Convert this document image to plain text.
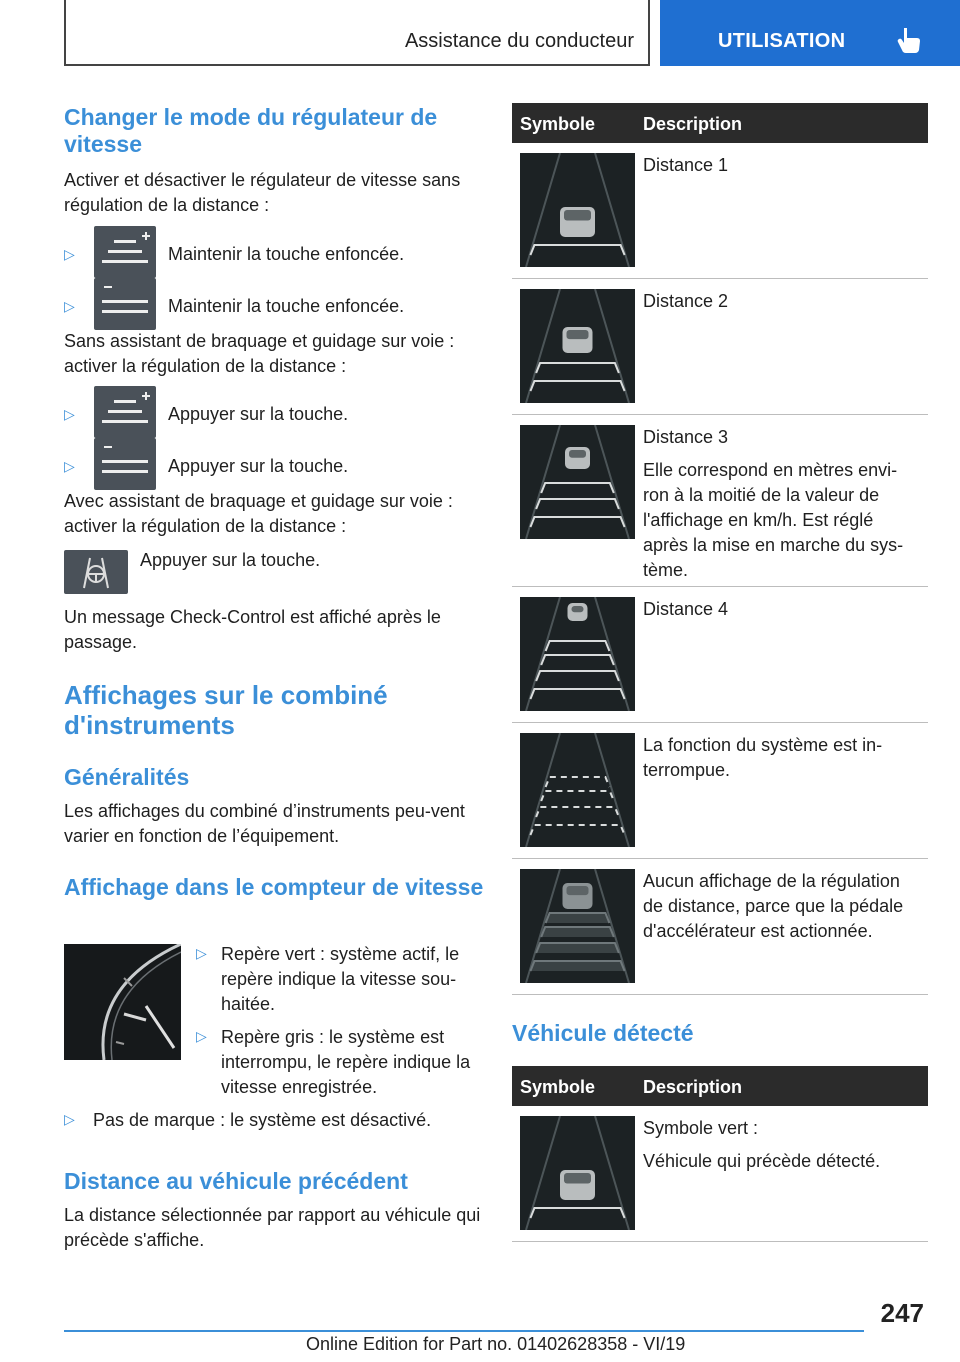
Assistance du conducteur	UTILISATION
Changer le mode du régulateur de vitesse
Activer et désactiver le régulateur de vitesse sans régulation de la distance :
▷	Maintenir la touche enfoncée.
▷	Maintenir la touche enfoncée.
Sans assistant de braquage et guidage sur voie : activer la régulation de la distance :
▷	Appuyer sur la touche.
▷	Appuyer sur la touche.
Avec assistant de braquage et guidage sur voie : activer la régulation de la distance :
Appuyer sur la touche.
Un message Check-Control est affiché après le passage.
Affichages sur le combiné d'instruments
Généralités
Les affichages du combiné d’instruments peu-vent varier en fonction de l’équipement.
Affichage dans le compteur de vitesse
▷ Repère vert : système actif, le repère indique la vitesse sou-haitée.
▷ Repère gris : le système est interrompu, le repère indique la vitesse enregistrée.
▷ Pas de marque : le système est désactivé.
Distance au véhicule précédent
La distance sélectionnée par rapport au véhicule qui précède s'affiche.
Symbole	Description
Distance 1
Distance 2
Distance 3
Elle correspond en mètres envi-ron à la moitié de la valeur de l'affichage en km/h. Est réglé après la mise en marche du sys-tème.
Distance 4
La fonction du système est in-terrompue.
Aucun affichage de la régulation de distance, parce que la pédale d'accélérateur est actionnée.
Véhicule détecté
Symbole	Description
Symbole vert :
Véhicule qui précède détecté.
247
Online Edition for Part no. 01402628358 - VI/19
